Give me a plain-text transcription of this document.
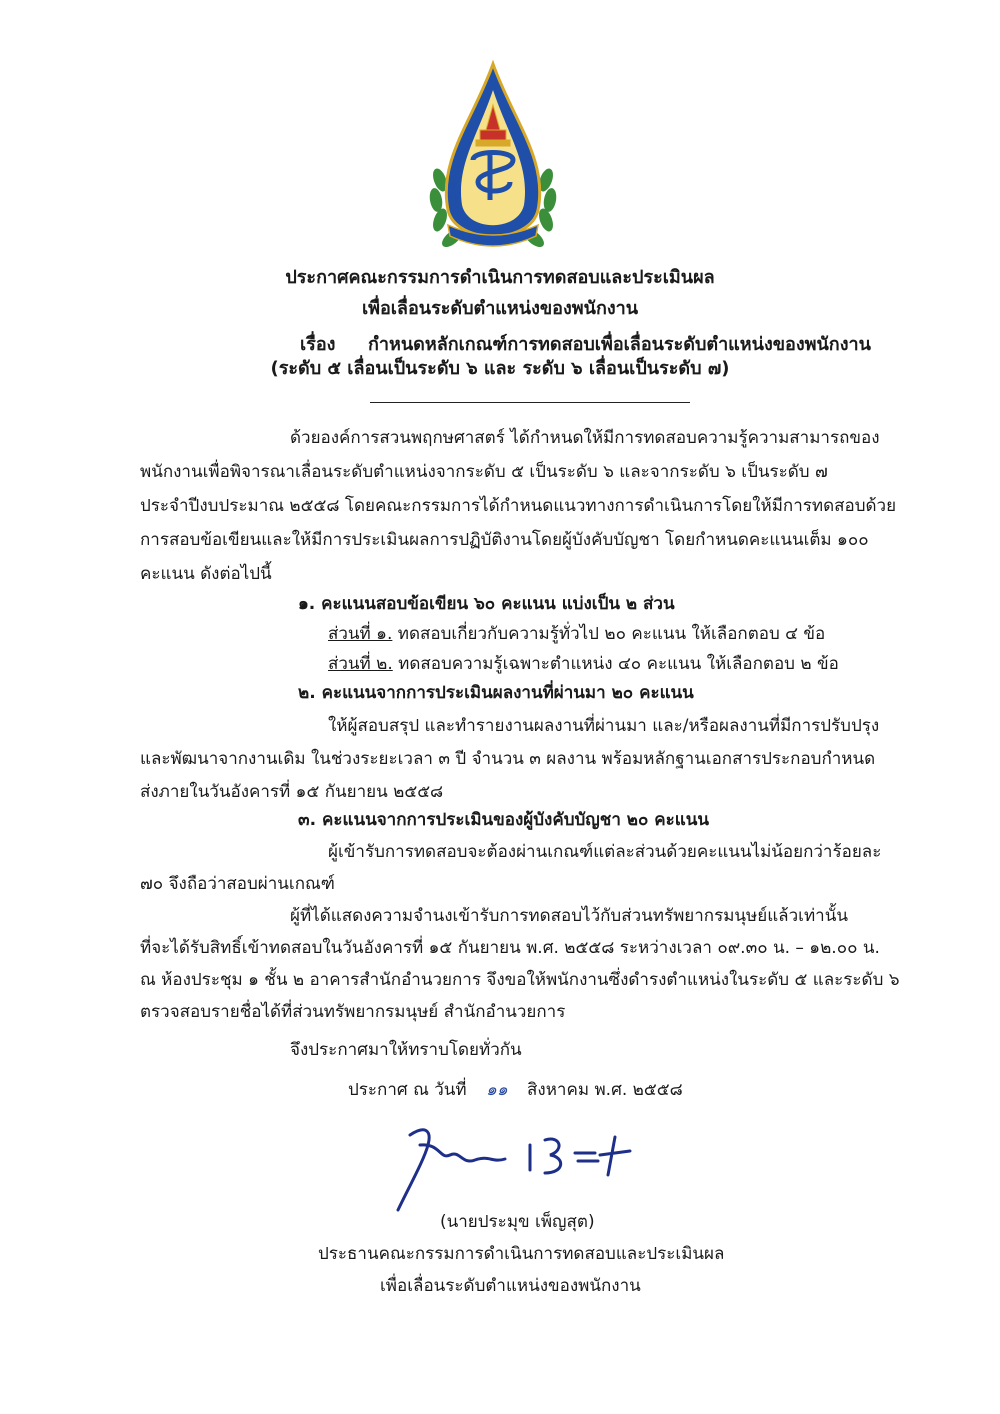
ประกาศคณะกรรมการดำเนินการทดสอบและประเมินผล
เพื่อเลื่อนระดับตำแหน่งของพนักงาน
เรื่อง กำหนดหลักเกณฑ์การทดสอบเพื่อเลื่อนระดับตำแหน่งของพนักงาน
(ระดับ ๕ เลื่อนเป็นระดับ ๖ และ ระดับ ๖ เลื่อนเป็นระดับ ๗)
ด้วยองค์การสวนพฤกษศาสตร์ ได้กำหนดให้มีการทดสอบความรู้ความสามารถของ
พนักงานเพื่อพิจารณาเลื่อนระดับตำแหน่งจากระดับ ๕ เป็นระดับ ๖ และจากระดับ ๖ เป็นระดับ ๗
ประจำปีงบประมาณ ๒๕๕๘ โดยคณะกรรมการได้กำหนดแนวทางการดำเนินการโดยให้มีการทดสอบด้วย
การสอบข้อเขียนและให้มีการประเมินผลการปฏิบัติงานโดยผู้บังคับบัญชา โดยกำหนดคะแนนเต็ม ๑๐๐
คะแนน ดังต่อไปนี้
๑. คะแนนสอบข้อเขียน ๖๐ คะแนน แบ่งเป็น ๒ ส่วน
ส่วนที่ ๑. ทดสอบเกี่ยวกับความรู้ทั่วไป ๒๐ คะแนน ให้เลือกตอบ ๔ ข้อ
ส่วนที่ ๒. ทดสอบความรู้เฉพาะตำแหน่ง ๔๐ คะแนน ให้เลือกตอบ ๒ ข้อ
๒. คะแนนจากการประเมินผลงานที่ผ่านมา ๒๐ คะแนน
ให้ผู้สอบสรุป และทำรายงานผลงานที่ผ่านมา และ/หรือผลงานที่มีการปรับปรุง
และพัฒนาจากงานเดิม ในช่วงระยะเวลา ๓ ปี จำนวน ๓ ผลงาน พร้อมหลักฐานเอกสารประกอบกำหนด
ส่งภายในวันอังคารที่ ๑๕ กันยายน ๒๕๕๘
๓. คะแนนจากการประเมินของผู้บังคับบัญชา ๒๐ คะแนน
ผู้เข้ารับการทดสอบจะต้องผ่านเกณฑ์แต่ละส่วนด้วยคะแนนไม่น้อยกว่าร้อยละ
๗๐ จึงถือว่าสอบผ่านเกณฑ์
ผู้ที่ได้แสดงความจำนงเข้ารับการทดสอบไว้กับส่วนทรัพยากรมนุษย์แล้วเท่านั้น
ที่จะได้รับสิทธิ์เข้าทดสอบในวันอังคารที่ ๑๕ กันยายน พ.ศ. ๒๕๕๘ ระหว่างเวลา ๐๙.๓๐ น. – ๑๒.๐๐ น.
ณ ห้องประชุม ๑ ชั้น ๒ อาคารสำนักอำนวยการ จึงขอให้พนักงานซึ่งดำรงตำแหน่งในระดับ ๕ และระดับ ๖
ตรวจสอบรายชื่อได้ที่ส่วนทรัพยากรมนุษย์ สำนักอำนวยการ
จึงประกาศมาให้ทราบโดยทั่วกัน
ประกาศ ณ วันที่ ๑๑ สิงหาคม พ.ศ. ๒๕๕๘
(นายประมุข เพ็ญสุต)
ประธานคณะกรรมการดำเนินการทดสอบและประเมินผล
เพื่อเลื่อนระดับตำแหน่งของพนักงาน
